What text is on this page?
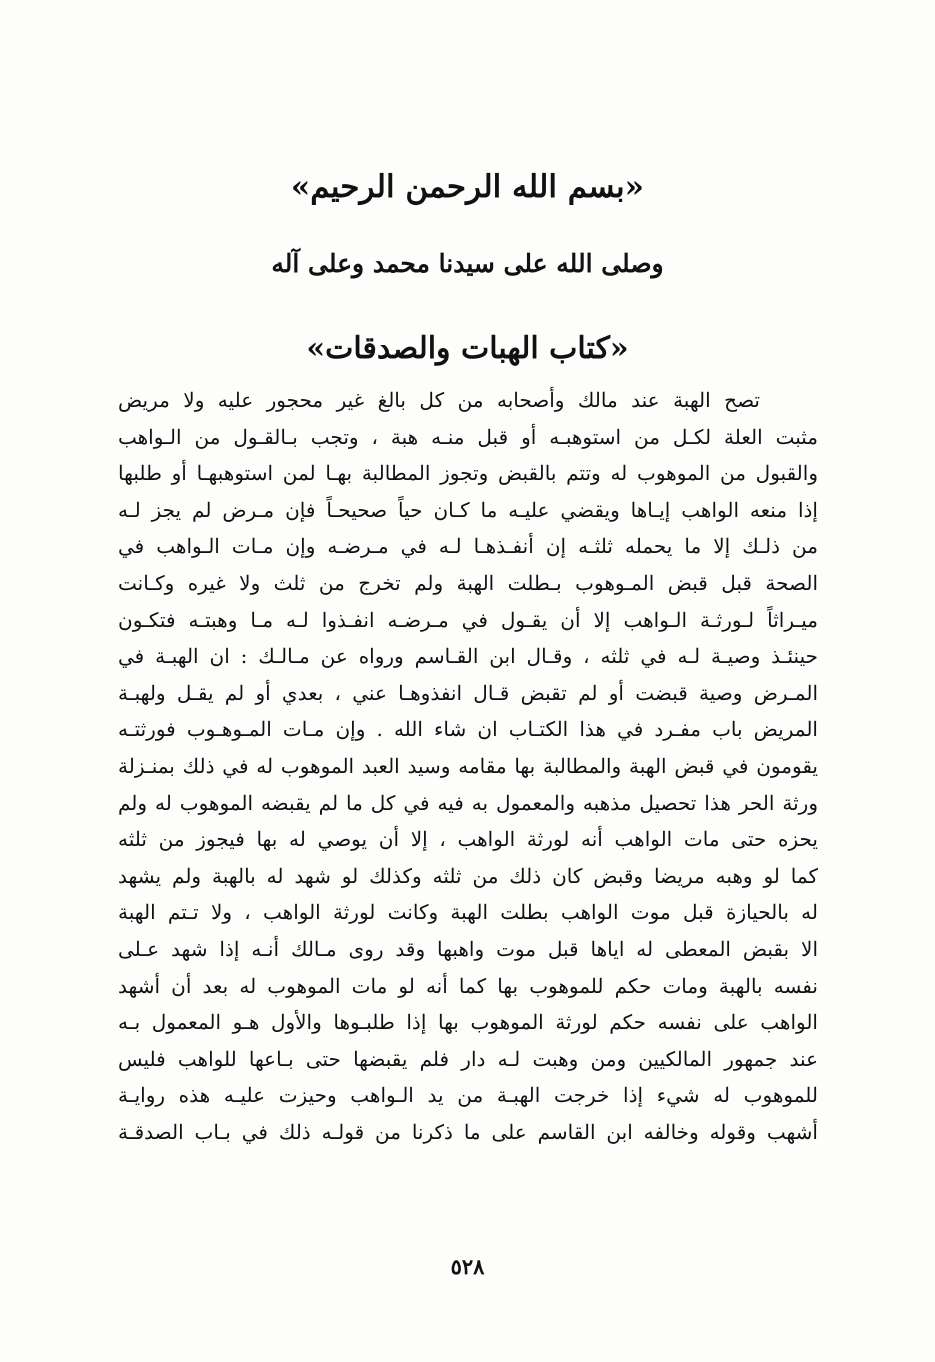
«بسم الله الرحمن الرحيم»
وصلى الله على سيدنا محمد وعلى آله
«كتاب الهبات والصدقات»
تصح الهبة عند مالك وأصحابه من كل بالغ غير محجور عليه ولا مريض
مثبت العلة لكـل من استوهبـه أو قبل منـه هبة ، وتجب بـالقـول من الـواهب
والقبول من الموهوب له وتتم بالقبض وتجوز المطالبة بهـا لمن استوهبهـا أو طلبها
إذا منعه الواهب إيـاها ويقضي عليـه ما كـان حياً صحيحـاً فإن مـرض لم يجز لـه
من ذلـك إلا ما يحمله ثلثـه إن أنفـذهـا لـه في مـرضـه وإن مـات الـواهب في
الصحة قبل قبض المـوهوب بـطلت الهبة ولم تخرج من ثلث ولا غيره وكـانت
ميـراثاً لـورثـة الـواهب إلا أن يقـول في مـرضـه انفـذوا لـه مـا وهبتـه فتكـون
حينئـذ وصيـة لـه في ثلثه ، وقـال ابن القـاسم ورواه عن مـالـك : ان الهبـة في
المـرض وصية قبضت أو لم تقبض قـال انفذوهـا عني ، بعدي أو لم يقـل ولهبـة
المريض باب مفـرد في هذا الكتـاب ان شاء الله . وإن مـات المـوهـوب فورثتـه
يقومون في قبض الهبة والمطالبة بها مقامه وسيد العبد الموهوب له في ذلك بمنـزلة
ورثة الحر هذا تحصيل مذهبه والمعمول به فيه في كل ما لم يقبضه الموهوب له ولم
يحزه حتى مات الواهب أنه لورثة الواهب ، إلا أن يوصي له بها فيجوز من ثلثه
كما لو وهبه مريضا وقبض كان ذلك من ثلثه وكذلك لو شهد له بالهبة ولم يشهد
له بالحيازة قبل موت الواهب بطلت الهبة وكانت لورثة الواهب ، ولا تـتم الهبة
الا بقبض المعطى له اياها قبل موت واهبها وقد روى مـالك أنـه إذا شهد عـلى
نفسه بالهبة ومات حكم للموهوب بها كما أنه لو مات الموهوب له بعد أن أشهد
الواهب على نفسه حكم لورثة الموهوب بها إذا طلبـوها والأول هـو المعمول بـه
عند جمهور المالكيين ومن وهبت لـه دار فلم يقبضها حتى بـاعها للواهب فليس
للموهوب له شيء إذا خرجت الهبـة من يد الـواهب وحيزت عليـه هذه روايـة
أشهب وقوله وخالفه ابن القاسم على ما ذكرنا من قولـه ذلك في بـاب الصدقـة
٥٢٨
